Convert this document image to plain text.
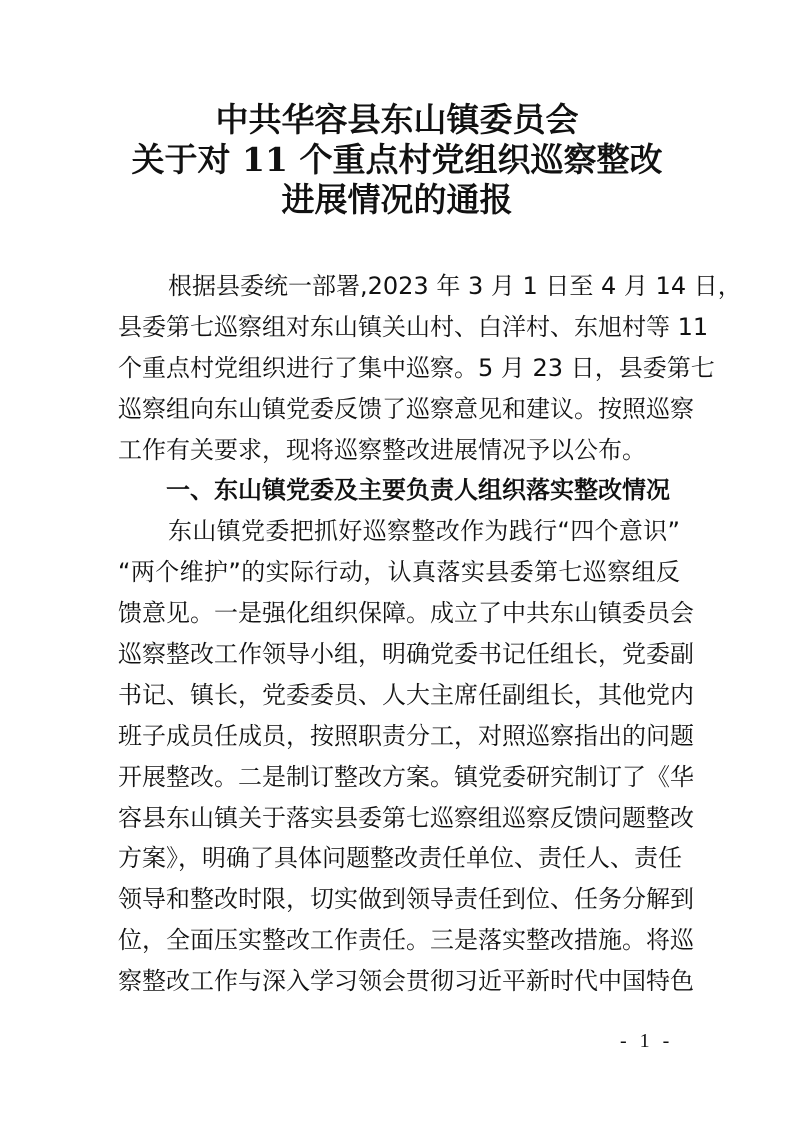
中共华容县东山镇委员会
关于对 11 个重点村党组织巡察整改
进展情况的通报
根据县委统一部署,2023 年 3 月 1 日至 4 月 14 日，
县委第七巡察组对东山镇关山村、白洋村、东旭村等 11
个重点村党组织进行了集中巡察。5 月 23 日，县委第七
巡察组向东山镇党委反馈了巡察意见和建议。按照巡察
工作有关要求，现将巡察整改进展情况予以公布。
一、东山镇党委及主要负责人组织落实整改情况
东山镇党委把抓好巡察整改作为践行“四个意识”
“两个维护”的实际行动，认真落实县委第七巡察组反
馈意见。一是强化组织保障。成立了中共东山镇委员会
巡察整改工作领导小组，明确党委书记任组长，党委副
书记、镇长，党委委员、人大主席任副组长，其他党内
班子成员任成员，按照职责分工，对照巡察指出的问题
开展整改。二是制订整改方案。镇党委研究制订了《华
容县东山镇关于落实县委第七巡察组巡察反馈问题整改
方案》，明确了具体问题整改责任单位、责任人、责任
领导和整改时限，切实做到领导责任到位、任务分解到
位，全面压实整改工作责任。三是落实整改措施。将巡
察整改工作与深入学习领会贯彻习近平新时代中国特色
- 1 -
